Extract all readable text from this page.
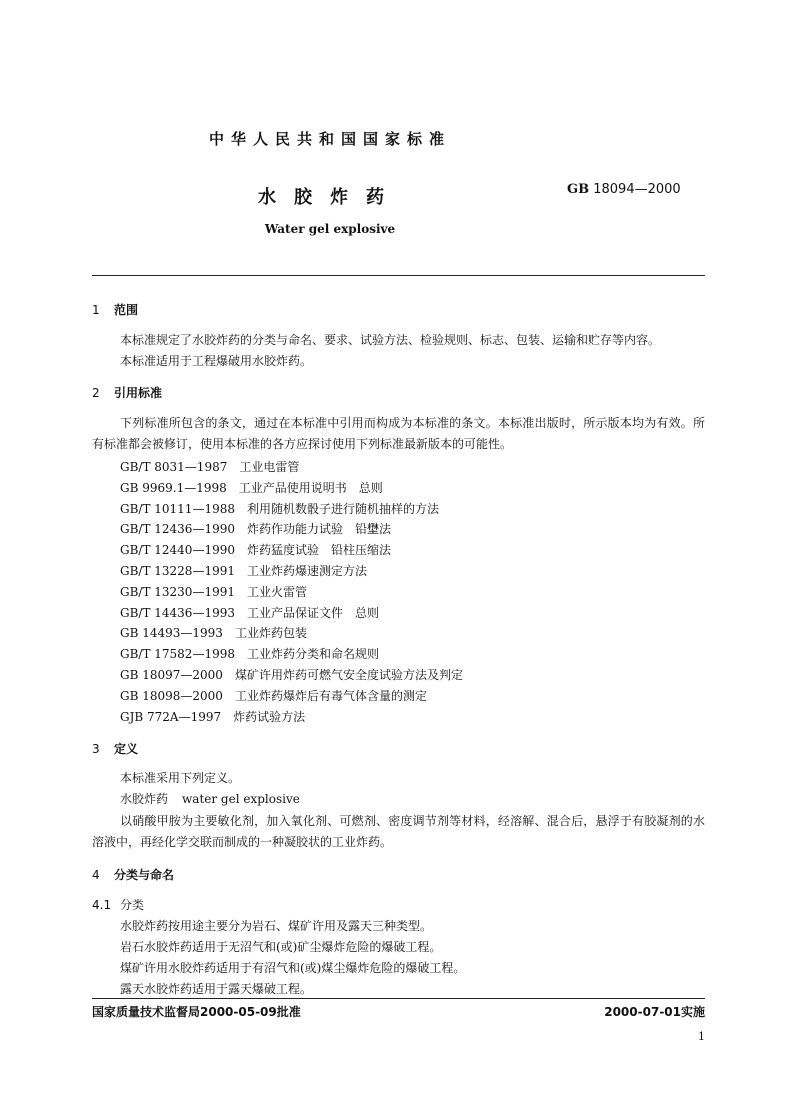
中华人民共和国国家标准
水胶炸药	GB 18094—2000
Water gel explosive
1 范围
本标准规定了水胶炸药的分类与命名、要求、试验方法、检验规则、标志、包装、运输和贮存等内容。
本标准适用于工程爆破用水胶炸药。
2 引用标准
下列标准所包含的条文，通过在本标准中引用而构成为本标准的条文。本标准出版时，所示版本均为有效。所有标准都会被修订，使用本标准的各方应探讨使用下列标准最新版本的可能性。
GB/T 8031—1987 工业电雷管
GB 9969.1—1998 工业产品使用说明书　总则
GB/T 10111—1988 利用随机数骰子进行随机抽样的方法
GB/T 12436—1990 炸药作功能力试验　铅𡐨法
GB/T 12440—1990 炸药猛度试验　铅柱压缩法
GB/T 13228—1991 工业炸药爆速测定方法
GB/T 13230—1991 工业火雷管
GB/T 14436—1993 工业产品保证文件　总则
GB 14493—1993 工业炸药包装
GB/T 17582—1998 工业炸药分类和命名规则
GB 18097—2000 煤矿许用炸药可燃气安全度试验方法及判定
GB 18098—2000 工业炸药爆炸后有毒气体含量的测定
GJB 772A—1997 炸药试验方法
3 定义
本标准采用下列定义。
水胶炸药 water gel explosive
以硝酸甲胺为主要敏化剂，加入氧化剂、可燃剂、密度调节剂等材料，经溶解、混合后，悬浮于有胶凝剂的水溶液中，再经化学交联而制成的一种凝胶状的工业炸药。
4 分类与命名
4.1 分类
水胶炸药按用途主要分为岩石、煤矿许用及露天三种类型。
岩石水胶炸药适用于无沼气和(或)矿尘爆炸危险的爆破工程。
煤矿许用水胶炸药适用于有沼气和(或)煤尘爆炸危险的爆破工程。
露天水胶炸药适用于露天爆破工程。
国家质量技术监督局2000-05-09批准	2000-07-01实施
1
